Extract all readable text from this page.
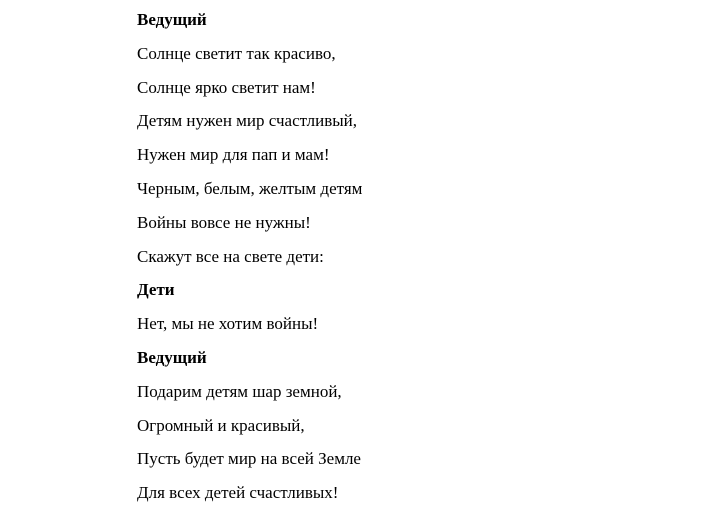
Ведущий
Солнце светит так красиво,
Солнце ярко светит нам!
Детям нужен мир счастливый,
Нужен мир для пап и мам!
Черным, белым, желтым детям
Войны вовсе не нужны!
Скажут все на свете дети:
Дети
Нет, мы не хотим войны!
Ведущий
Подарим детям шар земной,
Огромный и красивый,
Пусть будет мир на всей Земле
Для всех детей счастливых!
